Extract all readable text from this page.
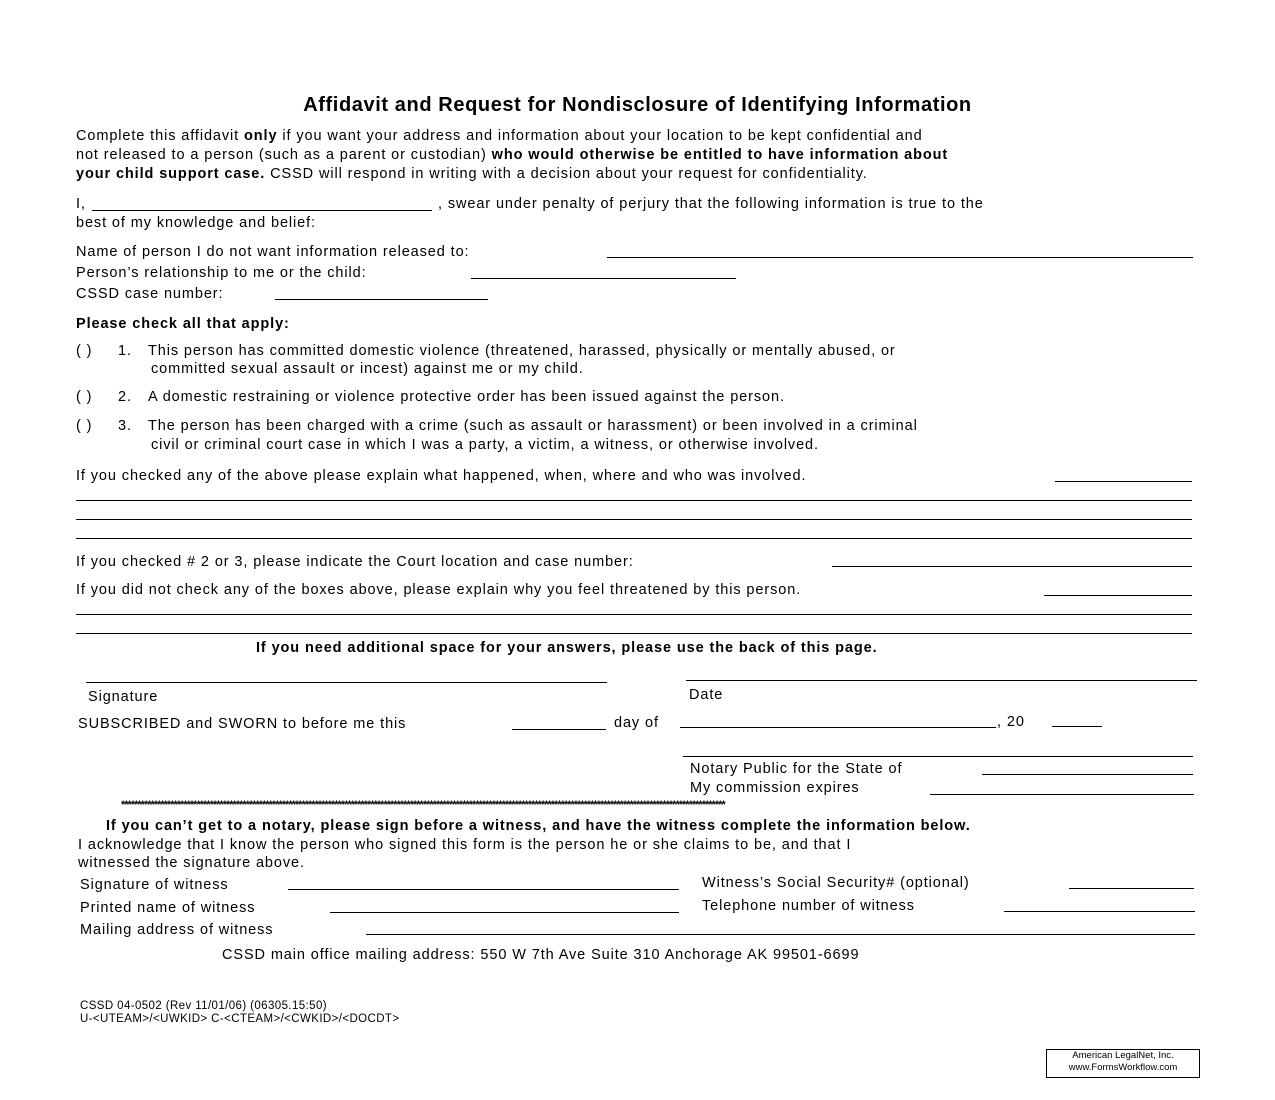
Affidavit and Request for Nondisclosure of Identifying Information
Complete this affidavit only if you want your address and information about your location to be kept confidential and
not released to a person (such as a parent or custodian) who would otherwise be entitled to have information about
your child support case. CSSD will respond in writing with a decision about your request for confidentiality.
I,	, swear under penalty of perjury that the following information is true to the
best of my knowledge and belief:
Name of person I do not want information released to:
Person’s relationship to me or the child:
CSSD case number:
Please check all that apply:
( ) 1. This person has committed domestic violence (threatened, harassed, physically or mentally abused, or
committed sexual assault or incest) against me or my child.
( ) 2. A domestic restraining or violence protective order has been issued against the person.
( ) 3. The person has been charged with a crime (such as assault or harassment) or been involved in a criminal
civil or criminal court case in which I was a party, a victim, a witness, or otherwise involved.
If you checked any of the above please explain what happened, when, where and who was involved.
If you checked # 2 or 3, please indicate the Court location and case number:
If you did not check any of the boxes above, please explain why you feel threatened by this person.
If you need additional space for your answers, please use the back of this page.
Signature	Date
SUBSCRIBED and SWORN to before me this	day of	, 20
Notary Public for the State of
My commission expires
****************************************************************************************************************************************************************************************
If you can’t get to a notary, please sign before a witness, and have the witness complete the information below.
I acknowledge that I know the person who signed this form is the person he or she claims to be, and that I
witnessed the signature above.
Signature of witness	Witness’s Social Security# (optional)
Printed name of witness	Telephone number of witness
Mailing address of witness
CSSD main office mailing address: 550 W 7th Ave Suite 310 Anchorage AK 99501-6699
CSSD 04-0502 (Rev 11/01/06) (06305.15:50)
U-<UTEAM>/<UWKID> C-<CTEAM>/<CWKID>/<DOCDT>
American LegalNet, Inc.
www.FormsWorkflow.com
